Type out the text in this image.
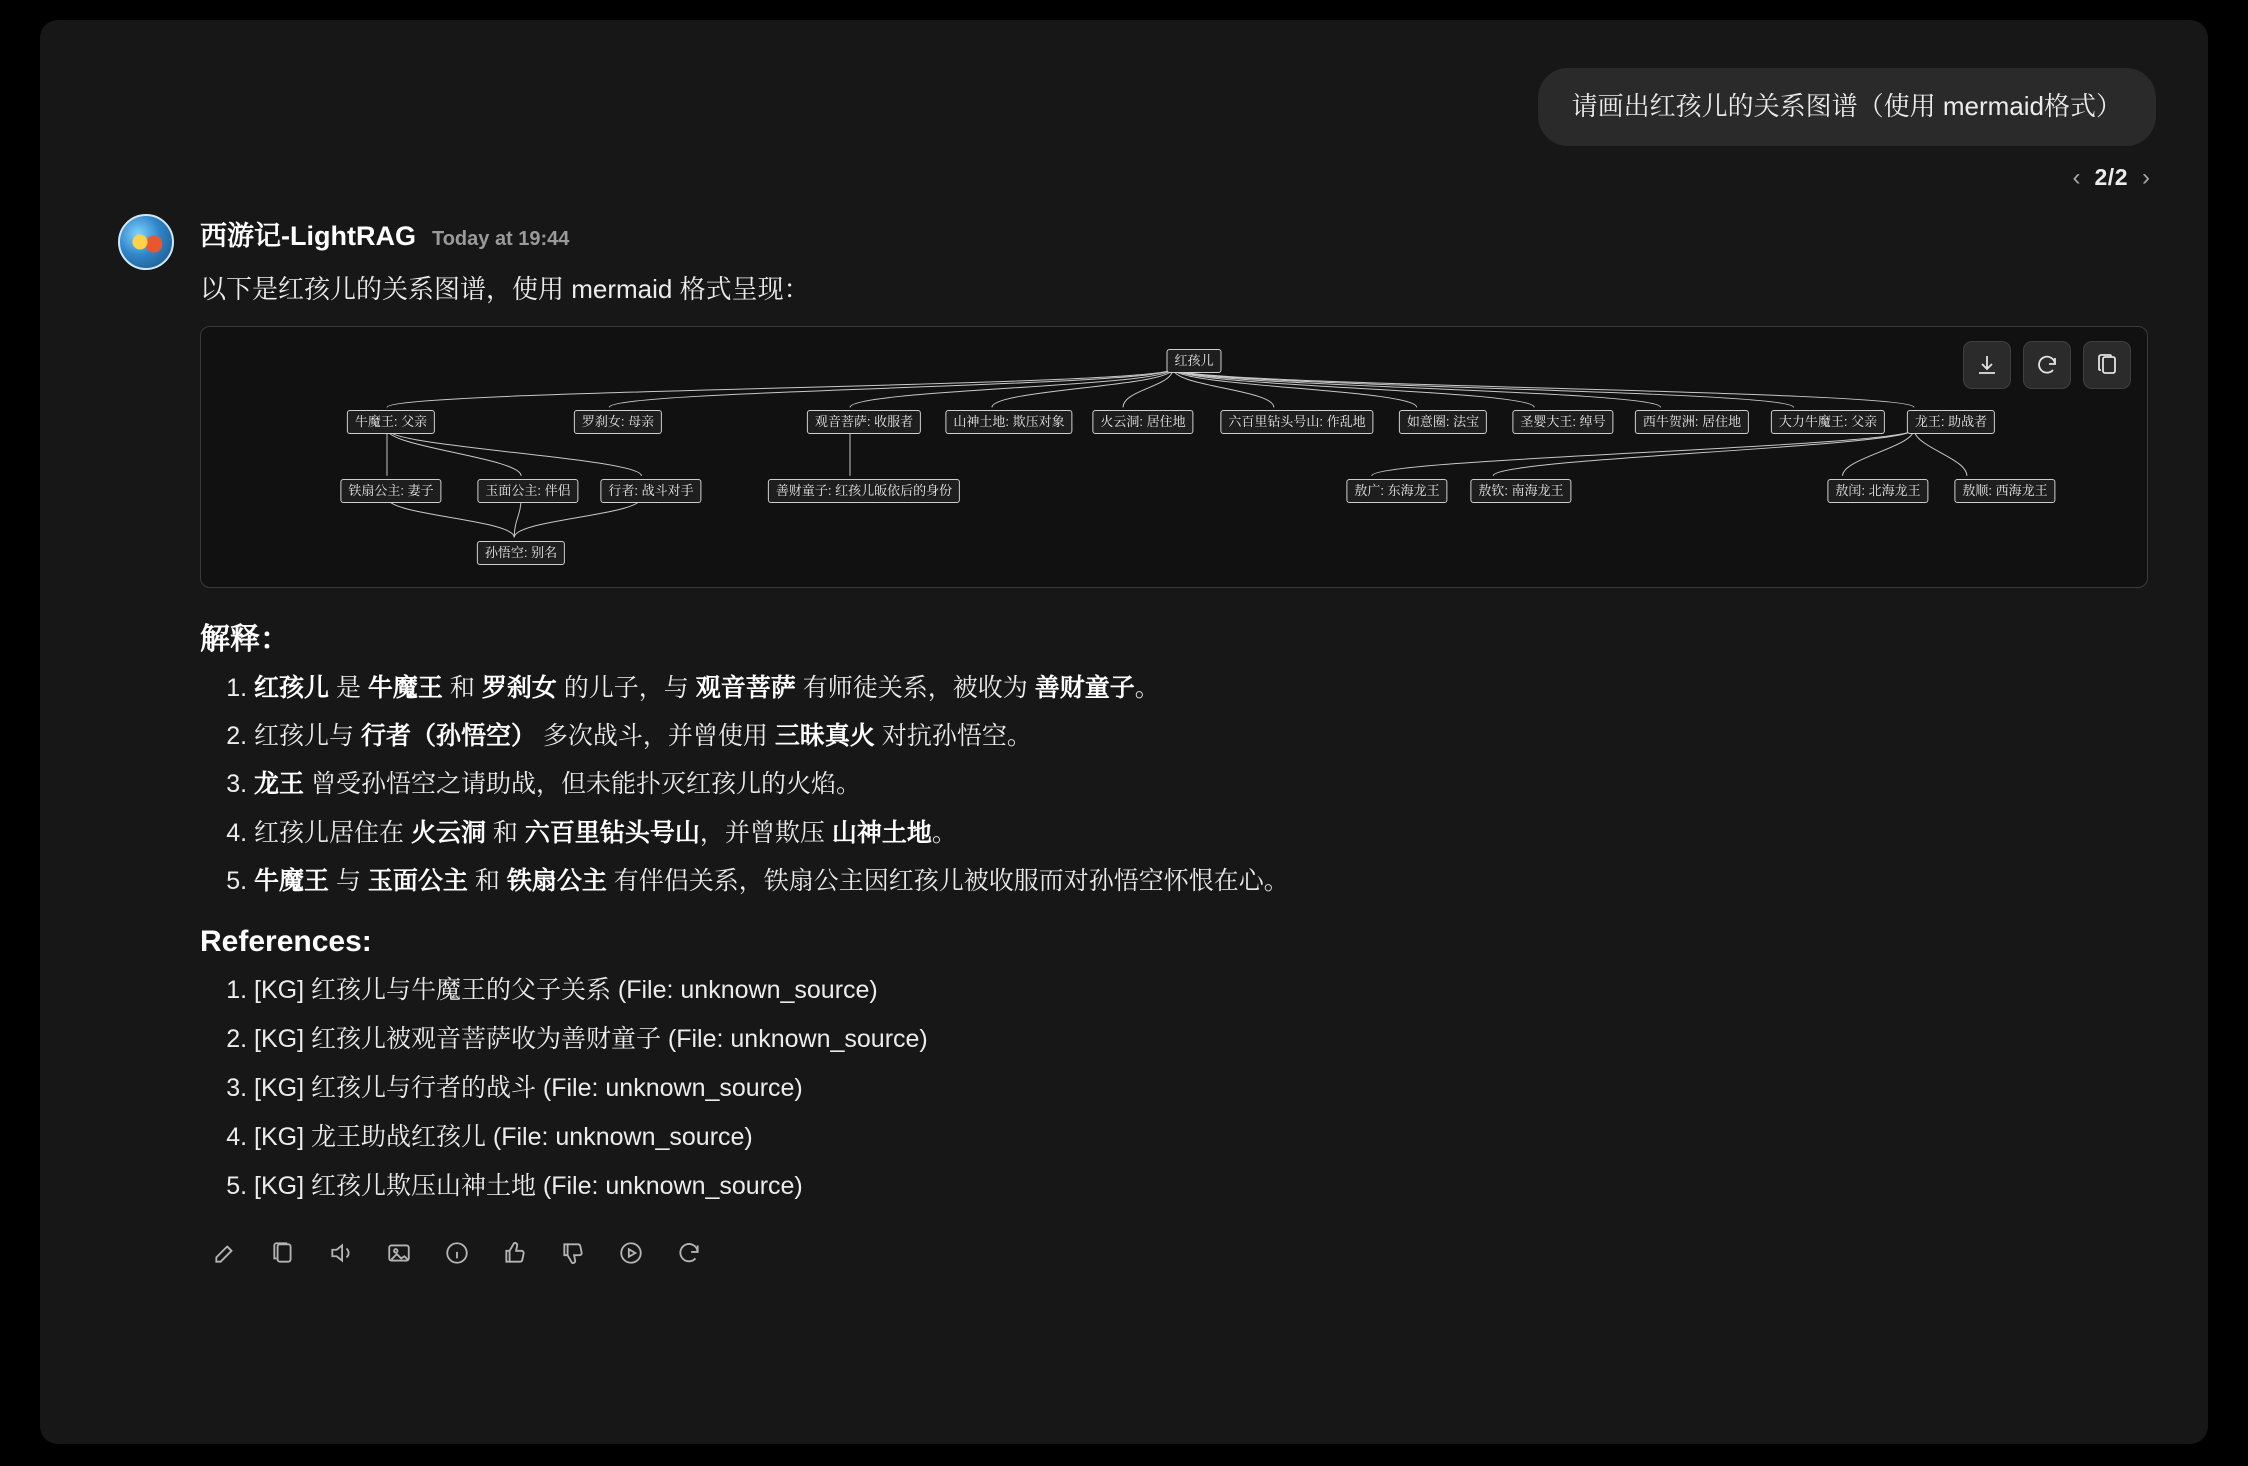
请画出红孩儿的关系图谱（使用 mermaid格式）
‹ 2/2 ›
西游记-LightRAG Today at 19:44
以下是红孩儿的关系图谱，使用 mermaid 格式呈现：
红孩儿
牛魔王: 父亲	罗刹女: 母亲	观音菩萨: 收服者	山神土地: 欺压对象	火云洞: 居住地	六百里钻头号山: 作乱地	如意圈: 法宝	圣婴大王: 绰号	西牛贺洲: 居住地	大力牛魔王: 父亲	龙王: 助战者
铁扇公主: 妻子	玉面公主: 伴侣	行者: 战斗对手	善财童子: 红孩儿皈依后的身份	敖广: 东海龙王	敖钦: 南海龙王	敖闰: 北海龙王	敖顺: 西海龙王
孙悟空: 别名
解释：
1. 红孩儿 是 牛魔王 和 罗刹女 的儿子，与 观音菩萨 有师徒关系，被收为 善财童子。
2. 红孩儿与 行者（孙悟空） 多次战斗，并曾使用 三昧真火 对抗孙悟空。
3. 龙王 曾受孙悟空之请助战，但未能扑灭红孩儿的火焰。
4. 红孩儿居住在 火云洞 和 六百里钻头号山，并曾欺压 山神土地。
5. 牛魔王 与 玉面公主 和 铁扇公主 有伴侣关系，铁扇公主因红孩儿被收服而对孙悟空怀恨在心。
References:
1. [KG] 红孩儿与牛魔王的父子关系 (File: unknown_source)
2. [KG] 红孩儿被观音菩萨收为善财童子 (File: unknown_source)
3. [KG] 红孩儿与行者的战斗 (File: unknown_source)
4. [KG] 龙王助战红孩儿 (File: unknown_source)
5. [KG] 红孩儿欺压山神土地 (File: unknown_source)
